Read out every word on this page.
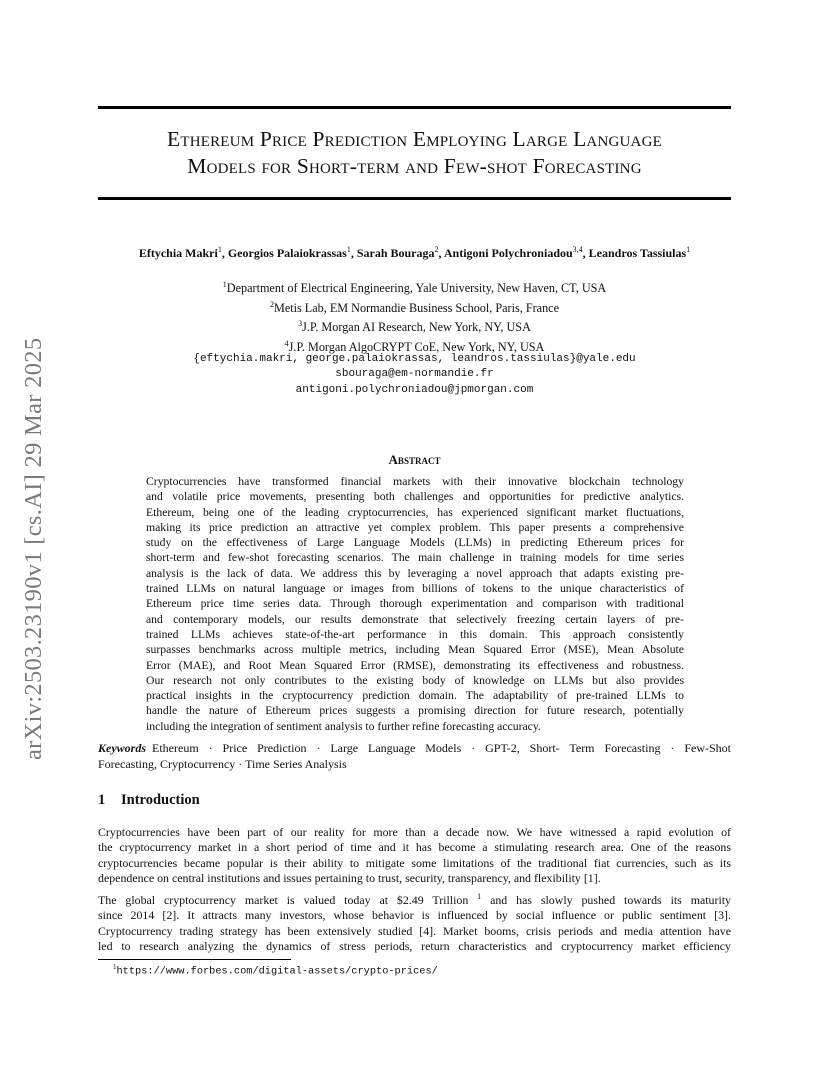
arXiv:2503.23190v1 [cs.AI] 29 Mar 2025
Ethereum Price Prediction Employing Large Language
Models for Short-term and Few-shot Forecasting
Eftychia Makri$^1$, Georgios Palaiokrassas$^1$, Sarah Bouraga$^2$, Antigoni Polychroniadou$^{3,4}$, Leandros Tassiulas$^1$
$^1$Department of Electrical Engineering, Yale University, New Haven, CT, USA
$^2$Metis Lab, EM Normandie Business School, Paris, France
$^3$J.P. Morgan AI Research, New York, NY, USA
$^4$J.P. Morgan AlgoCRYPT CoE, New York, NY, USA
{eftychia.makri, george.palaiokrassas, leandros.tassiulas}@yale.edu
sbouraga@em-normandie.fr
antigoni.polychroniadou@jpmorgan.com
Abstract
Cryptocurrencies have transformed financial markets with their innovative blockchain technology
and volatile price movements, presenting both challenges and opportunities for predictive analytics.
Ethereum, being one of the leading cryptocurrencies, has experienced significant market fluctuations,
making its price prediction an attractive yet complex problem. This paper presents a comprehensive
study on the effectiveness of Large Language Models (LLMs) in predicting Ethereum prices for
short-term and few-shot forecasting scenarios. The main challenge in training models for time series
analysis is the lack of data. We address this by leveraging a novel approach that adapts existing pre-
trained LLMs on natural language or images from billions of tokens to the unique characteristics of
Ethereum price time series data. Through thorough experimentation and comparison with traditional
and contemporary models, our results demonstrate that selectively freezing certain layers of pre-
trained LLMs achieves state-of-the-art performance in this domain. This approach consistently
surpasses benchmarks across multiple metrics, including Mean Squared Error (MSE), Mean Absolute
Error (MAE), and Root Mean Squared Error (RMSE), demonstrating its effectiveness and robustness.
Our research not only contributes to the existing body of knowledge on LLMs but also provides
practical insights in the cryptocurrency prediction domain. The adaptability of pre-trained LLMs to
handle the nature of Ethereum prices suggests a promising direction for future research, potentially
including the integration of sentiment analysis to further refine forecasting accuracy.
Keywords Ethereum · Price Prediction · Large Language Models · GPT-2, Short- Term Forecasting · Few-Shot
Forecasting, Cryptocurrency · Time Series Analysis
1 Introduction
Cryptocurrencies have been part of our reality for more than a decade now. We have witnessed a rapid evolution of
the cryptocurrency market in a short period of time and it has become a stimulating research area. One of the reasons
cryptocurrencies became popular is their ability to mitigate some limitations of the traditional fiat currencies, such as its
dependence on central institutions and issues pertaining to trust, security, transparency, and flexibility [1].
The global cryptocurrency market is valued today at $2.49 Trillion $^1$ and has slowly pushed towards its maturity
since 2014 [2]. It attracts many investors, whose behavior is influenced by social influence or public sentiment [3].
Cryptocurrency trading strategy has been extensively studied [4]. Market booms, crisis periods and media attention have
led to research analyzing the dynamics of stress periods, return characteristics and cryptocurrency market efficiency
$^1$https://www.forbes.com/digital-assets/crypto-prices/
